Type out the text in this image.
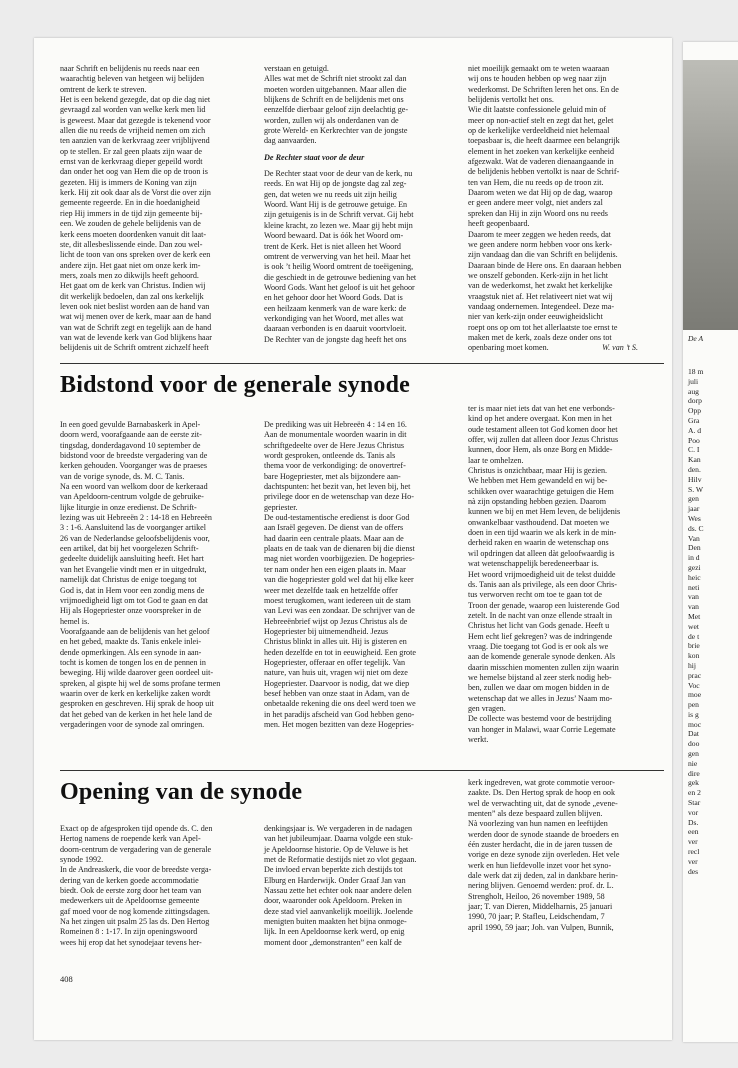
naar Schrift en belijdenis nu reeds naar een
waarachtig beleven van hetgeen wij belijden
omtrent de kerk te streven.
Het is een bekend gezegde, dat op die dag niet
gevraagd zal worden van welke kerk men lid
is geweest. Maar dat gezegde is tekenend voor
allen die nu reeds de vrijheid nemen om zich
ten aanzien van de kerkvraag zeer vrijblijvend
op te stellen. Er zal geen plaats zijn waar de
ernst van de kerkvraag dieper gepeild wordt
dan onder het oog van Hem die op de troon is
gezeten. Hij is immers de Koning van zijn
kerk. Hij zit ook daar als de Vorst die over zijn
gemeente regeerde. En in die hoedanigheid
riep Hij immers in de tijd zijn gemeente bij-
een. We zouden de gehele belijdenis van de
kerk eens moeten doordenken vanuit dit laat-
ste, dit allesbeslissende einde. Dan zou wel-
licht de toon van ons spreken over de kerk een
andere zijn. Het gaat niet om onze kerk im-
mers, zoals men zo dikwijls heeft gehoord.
Het gaat om de kerk van Christus. Indien wij
dit werkelijk bedoelen, dan zal ons kerkelijk
leven ook niet beslist worden aan de hand van
wat wij menen over de kerk, maar aan de hand
van wat de Schrift zegt en tegelijk aan de hand
van wat de levende kerk van God blijkens haar
belijdenis uit de Schrift omtrent zichzelf heeft

verstaan en getuigd.
Alles wat met de Schrift niet strookt zal dan
moeten worden uitgebannen. Maar allen die
blijkens de Schrift en de belijdenis met ons
eenzelfde dierbaar geloof zijn deelachtig ge-
worden, zullen wij als onderdanen van de
grote Wereld- en Kerkrechter van de jongste
dag aanvaarden.

De Rechter staat voor de deur

De Rechter staat voor de deur van de kerk, nu
reeds. En wat Hij op de jongste dag zal zeg-
gen, dat weten we nu reeds uit zijn heilig
Woord. Want Hij is de getrouwe getuige. En
zijn getuigenis is in de Schrift vervat. Gij hebt
kleine kracht, zo lezen we. Maar gij hebt mijn
Woord bewaard. Dat is óók het Woord om-
trent de Kerk. Het is niet alleen het Woord
omtrent de verwerving van het heil. Maar het
is ook ’t heilig Woord omtrent de toeëigening,
die geschiedt in de getrouwe bediening van het
Woord Gods. Want het geloof is uit het gehoor
en het gehoor door het Woord Gods. Dat is
een heilzaam kenmerk van de ware kerk: de
verkondiging van het Woord, met alles wat
daaraan verbonden is en daaruit voortvloeit.
De Rechter van de jongste dag heeft het ons

niet moeilijk gemaakt om te weten waaraan
wij ons te houden hebben op weg naar zijn
wederkomst. De Schriften leren het ons. En de
belijdenis vertolkt het ons.
Wie dit laatste confessionele geluid min of
meer op non-actief stelt en zegt dat het, gelet
op de kerkelijke verdeeldheid niet helemaal
toepasbaar is, die heeft daarmee een belangrijk
element in het zoeken van kerkelijke eenheid
afgezwakt. Wat de vaderen dienaangaande in
de belijdenis hebben vertolkt is naar de Schrif-
ten van Hem, die nu reeds op de troon zit.
Daarom weten we dat Hij op de dag, waarop
er geen andere meer volgt, niet anders zal
spreken dan Hij in zijn Woord ons nu reeds
heeft geopenbaard.
Daarom te meer zeggen we heden reeds, dat
we geen andere norm hebben voor ons kerk-
zijn vandaag dan die van Schrift en belijdenis.
Daaraan binde de Here ons. En daaraan hebben
we onszelf gebonden. Kerk-zijn in het licht
van de wederkomst, het zwakt het kerkelijke
vraagstuk niet af. Het relativeert niet wat wij
vandaag ondernemen. Integendeel. Deze ma-
nier van kerk-zijn onder eeuwigheidslicht
roept ons op om tot het allerlaatste toe ernst te
maken met de kerk, zoals deze onder ons tot

openbaring moet komen.	W. van ’t S.
Bidstond voor de generale synode

In een goed gevulde Barnabaskerk in Apel-
doorn werd, voorafgaande aan de eerste zit-
tingsdag, donderdagavond 10 september de
bidstond voor de breedste vergadering van de
kerken gehouden. Voorganger was de praeses
van de vorige synode, ds. M. C. Tanis.
Na een woord van welkom door de kerkeraad
van Apeldoorn-centrum volgde de gebruike-
lijke liturgie in onze eredienst. De Schrift-
lezing was uit Hebreeën 2 : 14-18 en Hebreeën
3 : 1-6. Aansluitend las de voorganger artikel
26 van de Nederlandse geloofsbelijdenis voor,
een artikel, dat bij het voorgelezen Schrift-
gedeelte duidelijk aansluiting heeft. Het hart
van het Evangelie vindt men er in uitgedrukt,
namelijk dat Christus de enige toegang tot
God is, dat in Hem voor een zondig mens de
vrijmoedigheid ligt om tot God te gaan en dat
Hij als Hogepriester onze voorspreker in de
hemel is.
Voorafgaande aan de belijdenis van het geloof
en het gebed, maakte ds. Tanis enkele inlei-
dende opmerkingen. Als een synode in aan-
tocht is komen de tongen los en de pennen in
beweging. Hij wilde daarover geen oordeel uit-
spreken, al gispte hij wel de soms profane termen
waarin over de kerk en kerkelijke zaken wordt
gesproken en geschreven. Hij sprak de hoop uit
dat het gebed van de kerken in het hele land de
vergaderingen voor de synode zal omringen.

De prediking was uit Hebreeën 4 : 14 en 16.
Aan de monumentale woorden waarin in dit
schriftgedeelte over de Here Jezus Christus
wordt gesproken, ontleende ds. Tanis als
thema voor de verkondiging: de onovertref-
bare Hogepriester, met als bijzondere aan-
dachtspunten: het bezit van, het leven bij, het
privilege door en de wetenschap van deze Ho-
gepriester.
De oud-testamentische eredienst is door God
aan Israël gegeven. De dienst van de offers
had daarin een centrale plaats. Maar aan de
plaats en de taak van de dienaren bij die dienst
mag niet worden voorbijgezien. De hogepries-
ter nam onder hen een eigen plaats in. Maar
van die hogepriester gold wel dat hij elke keer
weer met dezelfde taak en hetzelfde offer
moest terugkomen, want iedereen uit de stam
van Levi was een zondaar. De schrijver van de
Hebreeënbrief wijst op Jezus Christus als de
Hogepriester bij uitnemendheid. Jezus
Christus blinkt in alles uit. Hij is gisteren en
heden dezelfde en tot in eeuwigheid. Een grote
Hogepriester, offeraar en offer tegelijk. Van
nature, van huis uit, vragen wij niet om deze
Hogepriester. Daarvoor is nodig, dat we diep
besef hebben van onze staat in Adam, van de
onbetaalde rekening die ons deel werd toen we
in het paradijs afscheid van God hebben geno-
men. Het mogen bezitten van deze Hogepries-

ter is maar niet iets dat van het ene verbonds-
kind op het andere overgaat. Kon men in het
oude testament alleen tot God komen door het
offer, wij zullen dat alleen door Jezus Christus
kunnen, door Hem, als onze Borg en Midde-
laar te omhelzen.
Christus is onzichtbaar, maar Hij is gezien.
We hebben met Hem gewandeld en wij be-
schikken over waarachtige getuigen die Hem
nà zijn opstanding hebben gezien. Daarom
kunnen we bij en met Hem leven, de belijdenis
onwankelbaar vasthoudend. Dat moeten we
doen in een tijd waarin we als kerk in de min-
derheid raken en waarin de wetenschap ons
wil opdringen dat alleen dàt geloofwaardig is
wat wetenschappelijk beredeneerbaar is.
Het woord vrijmoedigheid uit de tekst duidde
ds. Tanis aan als privilege, als een door Chris-
tus verworven recht om toe te gaan tot de
Troon der genade, waarop een luisterende God
zetelt. In de nacht van onze ellende straalt in
Christus het licht van Gods genade. Heeft u
Hem echt lief gekregen? was de indringende
vraag. Die toegang tot God is er ook als we
aan de komende generale synode denken. Als
daarin misschien momenten zullen zijn waarin
we hemelse bijstand al zeer sterk nodig heb-
ben, zullen we daar om mogen bidden in de
wetenschap dat we alles in Jezus’ Naam mo-
gen vragen.
De collecte was bestemd voor de bestrijding
van honger in Malawi, waar Corrie Legemate
werkt.

Opening van de synode

Exact op de afgesproken tijd opende ds. C. den
Hertog namens de roepende kerk van Apel-
doorn-centrum de vergadering van de generale
synode 1992.
In de Andreaskerk, die voor de breedste verga-
dering van de kerken goede accommodatie
biedt. Ook de eerste zorg door het team van
medewerkers uit de Apeldoornse gemeente
gaf moed voor de nog komende zittingsdagen.
Na het zingen uit psalm 25 las ds. Den Hertog
Romeinen 8 : 1-17. In zijn openingswoord
wees hij erop dat het synodejaar tevens her-

denkingsjaar is. We vergaderen in de nadagen
van het jubileumjaar. Daarna volgde een stuk-
je Apeldoornse historie. Op de Veluwe is het
met de Reformatie destijds niet zo vlot gegaan.
De invloed ervan beperkte zich destijds tot
Elburg en Harderwijk. Onder Graaf Jan van
Nassau zette het echter ook naar andere delen
door, waaronder ook Apeldoorn. Preken in
deze stad viel aanvankelijk moeilijk. Joelende
menigten buiten maakten het bijna onmoge-
lijk. In een Apeldoornse kerk werd, op enig
moment door „demonstranten” een kalf de

kerk ingedreven, wat grote commotie veroor-
zaakte. Ds. Den Hertog sprak de hoop en ook
wel de verwachting uit, dat de synode „evene-
menten” als deze bespaard zullen blijven.
Nà voorlezing van hun namen en leeftijden
werden door de synode staande de broeders en
één zuster herdacht, die in de jaren tussen de
vorige en deze synode zijn overleden. Het vele
werk en hun liefdevolle inzet voor het syno-
dale werk dat zij deden, zal in dankbare herin-
nering blijven. Genoemd werden: prof. dr. L.
Strengholt, Heiloo, 26 november 1989, 58
jaar; T. van Dieren, Middelharnis, 25 januari
1990, 70 jaar; P. Stafleu, Leidschendam, 7
april 1990, 59 jaar; Joh. van Vulpen, Bunnik,

408
De A
18 m
juli
aug
dorp
Opp
Gra
A. d
Poo
C. I
Kan
den.
Hilv
S. W
gen
jaar
Wes
ds. C
Van
Den
in d
gezi
heic
neti
van
van
Met
wet
de t
brie
kon
hij
prac
Voc
moe
pen
is g
moc
Dat
doo
gen
nie
dire
gek
en 2
Star
vor
Ds.
een
ver
recl
ver
des
